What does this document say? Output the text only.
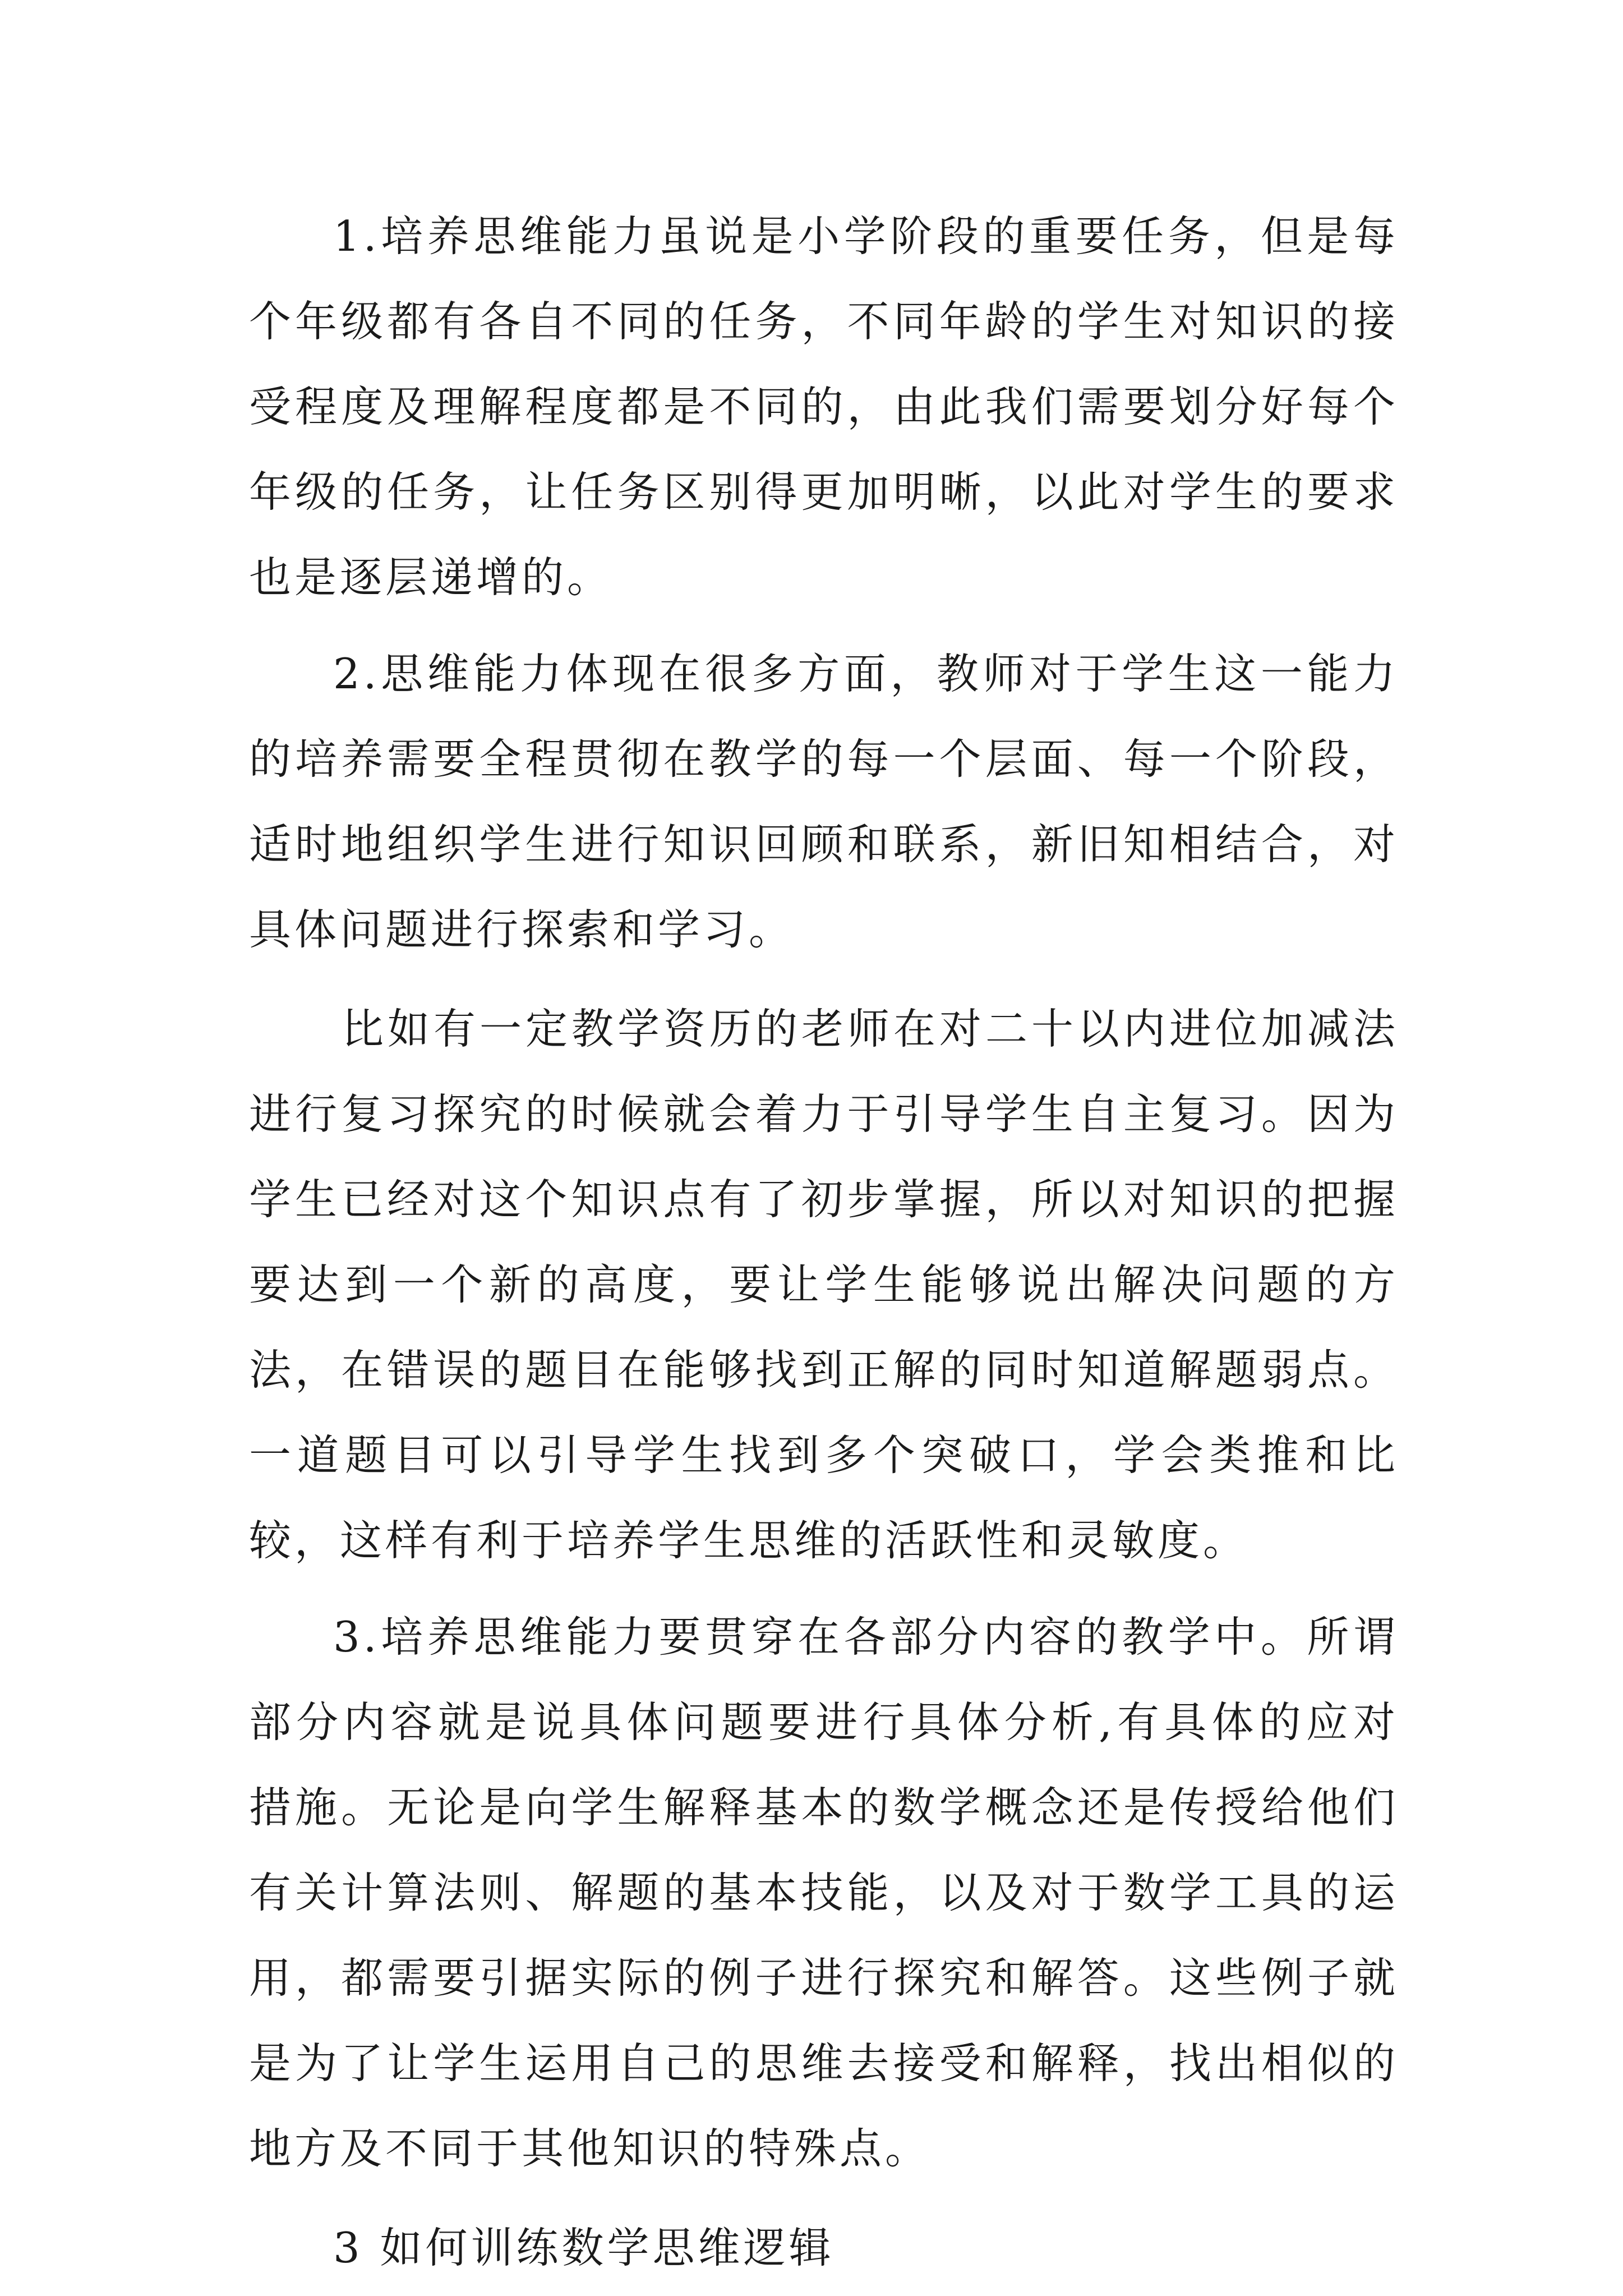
1.培养思维能力虽说是小学阶段的重要任务，但是每个年级都有各自不同的任务，不同年龄的学生对知识的接受程度及理解程度都是不同的，由此我们需要划分好每个年级的任务，让任务区别得更加明晰，以此对学生的要求也是逐层递增的。

2.思维能力体现在很多方面，教师对于学生这一能力的培养需要全程贯彻在教学的每一个层面、每一个阶段，适时地组织学生进行知识回顾和联系，新旧知相结合，对具体问题进行探索和学习。

比如有一定教学资历的老师在对二十以内进位加减法进行复习探究的时候就会着力于引导学生自主复习。因为学生已经对这个知识点有了初步掌握，所以对知识的把握要达到一个新的高度，要让学生能够说出解决问题的方法，在错误的题目在能够找到正解的同时知道解题弱点。一道题目可以引导学生找到多个突破口，学会类推和比较，这样有利于培养学生思维的活跃性和灵敏度。

3.培养思维能力要贯穿在各部分内容的教学中。所谓部分内容就是说具体问题要进行具体分析,有具体的应对措施。无论是向学生解释基本的数学概念还是传授给他们有关计算法则、解题的基本技能，以及对于数学工具的运用，都需要引据实际的例子进行探究和解答。这些例子就是为了让学生运用自己的思维去接受和解释，找出相似的地方及不同于其他知识的特殊点。

3 如何训练数学思维逻辑
